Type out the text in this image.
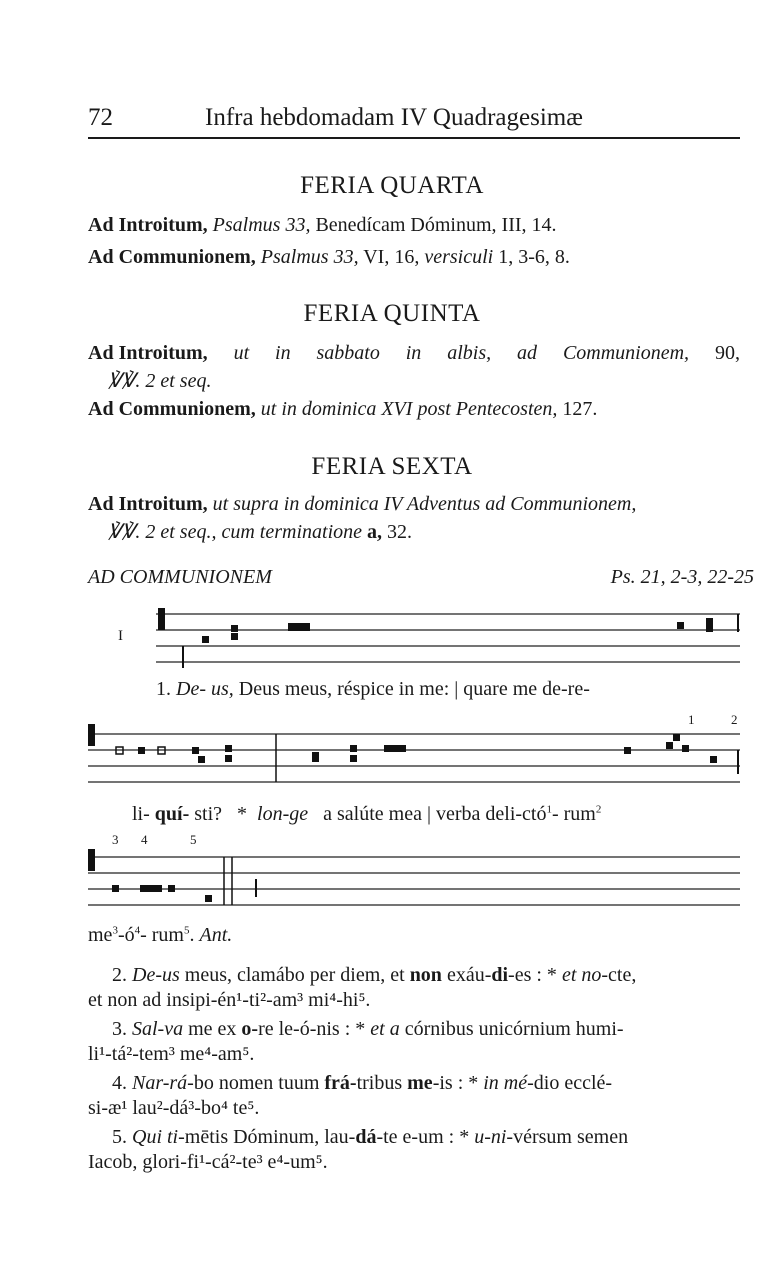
72	Infra hebdomadam IV Quadragesimæ
FERIA QUARTA
Ad Introitum, Psalmus 33, Benedícam Dóminum, III, 14.
Ad Communionem, Psalmus 33, VI, 16, versiculi 1, 3-6, 8.
FERIA QUINTA
Ad Introitum, ut in sabbato in albis, ad Communionem, 90,
℣℣. 2 et seq.
Ad Communionem, ut in dominica XVI post Pentecosten, 127.
FERIA SEXTA
Ad Introitum, ut supra in dominica IV Adventus ad Communionem,
℣℣. 2 et seq., cum terminatione a, 32.
AD COMMUNIONEM	Ps. 21, 2-3, 22-25
I
1. De- us, Deus meus, réspice in me: | quare me de-re-
1	2
li- quí- sti? * lon-ge a salúte mea | verba deli-ctó$^1$- rum$^2$
3 4	5
$me^3-ó^4-$ rum$^5$. Ant.
2. De-us meus, clamábo per diem, et non exáu-di-es : * et no-cte,
et non ad insipi-én¹-ti²-am³ mi⁴-hi⁵.
3. Sal-va me ex o-re le-ó-nis : * et a córnibus unicórnium humi-
li¹-tá²-tem³ me⁴-am⁵.
4. Nar-rá-bo nomen tuum frá-tribus me-is : * in mé-dio ecclé-
si-æ¹ lau²-dá³-bo⁴ te⁵.
5. Qui ti-mētis Dóminum, lau-dá-te e-um : * u-ni-vérsum semen
Iacob, glori-fi¹-cá²-te³ e⁴-um⁵.
